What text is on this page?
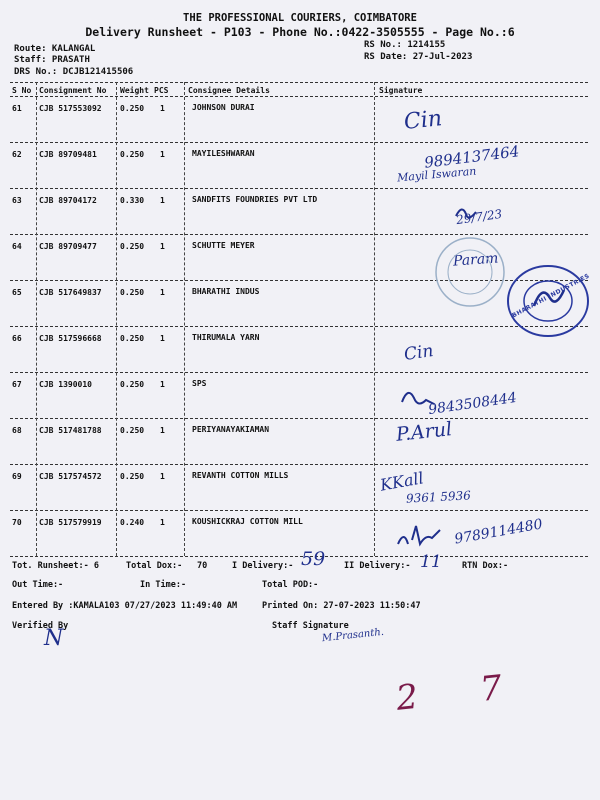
THE PROFESSIONAL COURIERS, COIMBATORE
Delivery Runsheet - P103 - Phone No.:0422-3505555 - Page No.:6
Route: KALANGAL
Staff: PRASATH
DRS No.: DCJB121415506
RS No.: 1214155
RS Date: 27-Jul-2023
S No Consignment No Weight PCS Consignee Details	Signature
61 CJB 517553092 0.250 1	JOHNSON DURAI
62 CJB 89709481	0.250 1	MAYILESHWARAN
63 CJB 89704172	0.330 1	SANDFITS FOUNDRIES PVT LTD
64 CJB 89709477	0.250 1	SCHUTTE MEYER
65 CJB 517649837 0.250 1	BHARATHI INDUS
66 CJB 517596668 0.250 1	THIRUMALA YARN
67 CJB 1390010	0.250 1	SPS
68 CJB 517481788 0.250 1	PERIYANAYAKIAMAN
69 CJB 517574572 0.250 1	REVANTH COTTON MILLS
70 CJB 517579919 0.240 1	KOUSHICKRAJ COTTON MILL
Cin
9894137464
Mayil Iswaran
29/7/23
Param
Cin
9843508444
P.Arul
KKall
9361 5936
9789114480
BHARATHI INDUSTRIES
Tot. Runsheet:- 6	Total Dox:- 70	I Delivery:- 59 II Delivery:- 11 RTN Dox:-
Out Time:-	In Time:-	Total POD:-
Entered By :KAMALA103 07/27/2023 11:49:40 AM	Printed On: 27-07-2023 11:50:47
Verified By
N	Staff Signature
M.Prasanth.
2 7
